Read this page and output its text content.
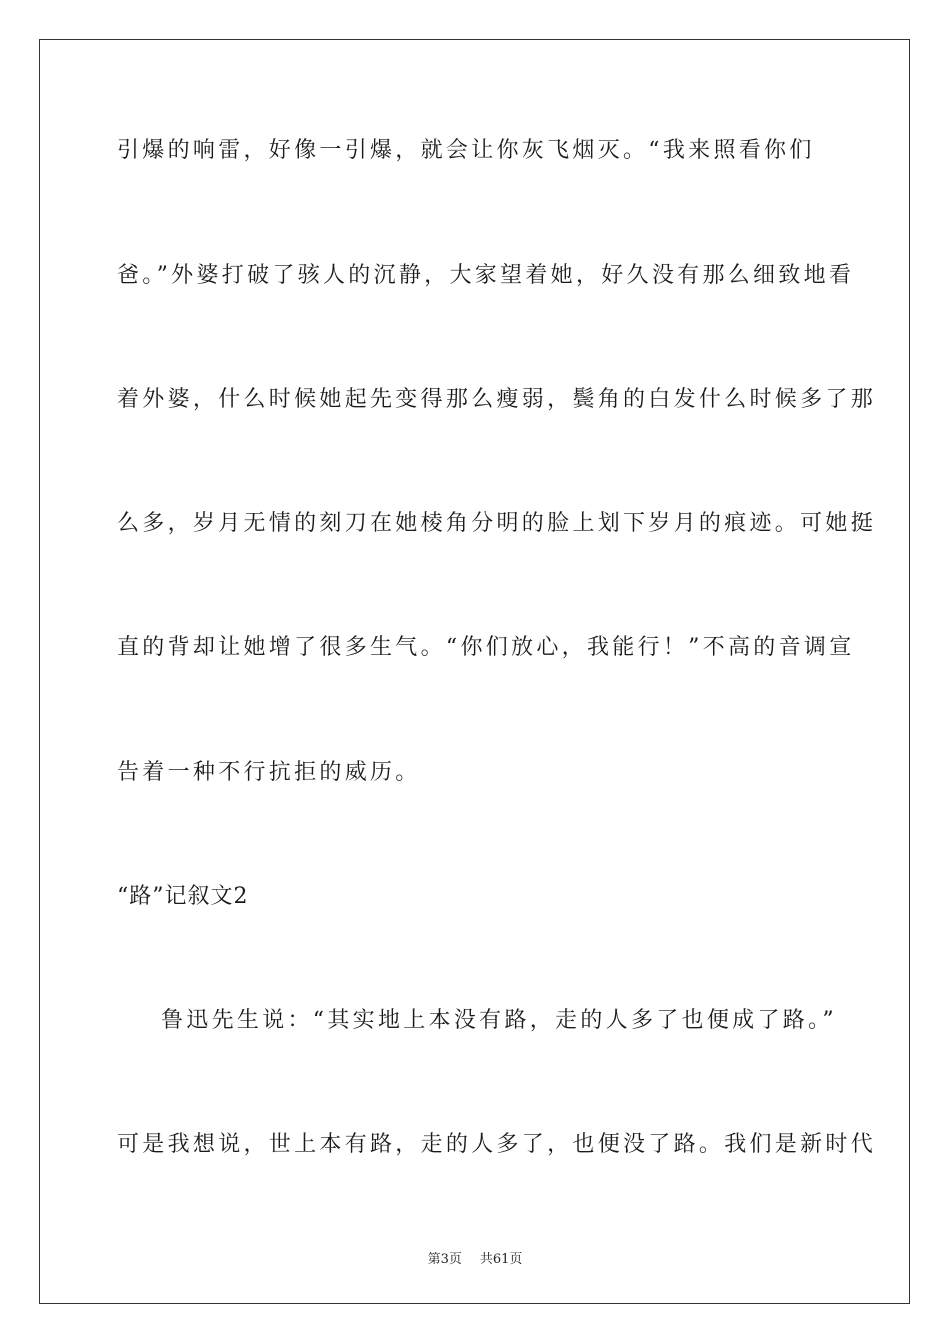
引爆的响雷，好像一引爆，就会让你灰飞烟灭。“我来照看你们
爸。”外婆打破了骇人的沉静，大家望着她，好久没有那么细致地看
着外婆，什么时候她起先变得那么瘦弱，鬓角的白发什么时候多了那
么多，岁月无情的刻刀在她棱角分明的脸上划下岁月的痕迹。可她挺
直的背却让她增了很多生气。“你们放心，我能行！”不高的音调宣
告着一种不行抗拒的威历。
“路”记叙文2
鲁迅先生说：“其实地上本没有路，走的人多了也便成了路。”
可是我想说，世上本有路，走的人多了，也便没了路。我们是新时代
第3页 共61页
